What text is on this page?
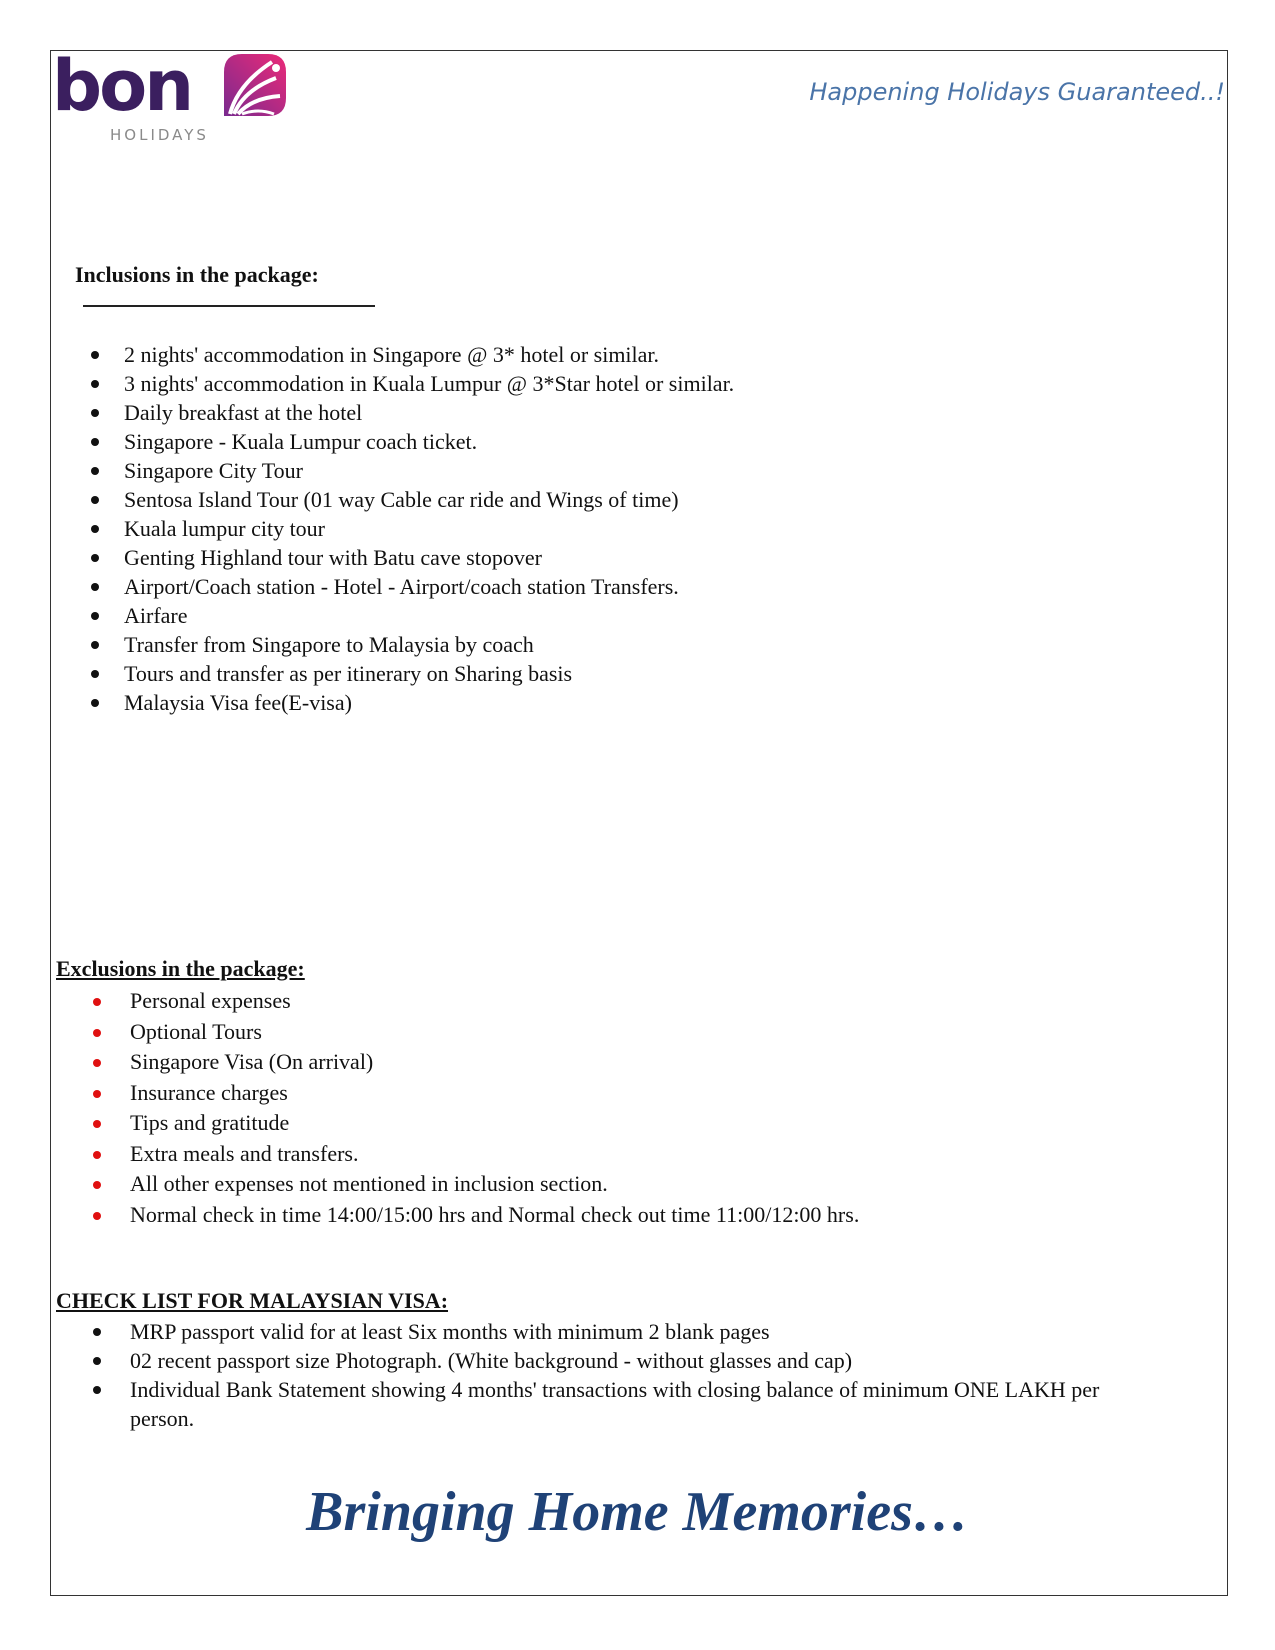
bon
HOLIDAYS
Happening Holidays Guaranteed..!
Inclusions in the package:
2 nights' accommodation in Singapore @ 3* hotel or similar.
3 nights' accommodation in Kuala Lumpur @ 3*Star hotel or similar.
Daily breakfast at the hotel
Singapore - Kuala Lumpur coach ticket.
Singapore City Tour
Sentosa Island Tour (01 way Cable car ride and Wings of time)
Kuala lumpur city tour
Genting Highland tour with Batu cave stopover
Airport/Coach station - Hotel - Airport/coach station Transfers.
Airfare
Transfer from Singapore to Malaysia by coach
Tours and transfer as per itinerary on Sharing basis
Malaysia Visa fee(E-visa)
Exclusions in the package:
Personal expenses
Optional Tours
Singapore Visa (On arrival)
Insurance charges
Tips and gratitude
Extra meals and transfers.
All other expenses not mentioned in inclusion section.
Normal check in time 14:00/15:00 hrs and Normal check out time 11:00/12:00 hrs.
CHECK LIST FOR MALAYSIAN VISA:
MRP passport valid for at least Six months with minimum 2 blank pages
02 recent passport size Photograph. (White background - without glasses and cap)
Individual Bank Statement showing 4 months' transactions with closing balance of minimum ONE LAKH per person.
Bringing Home Memories…
